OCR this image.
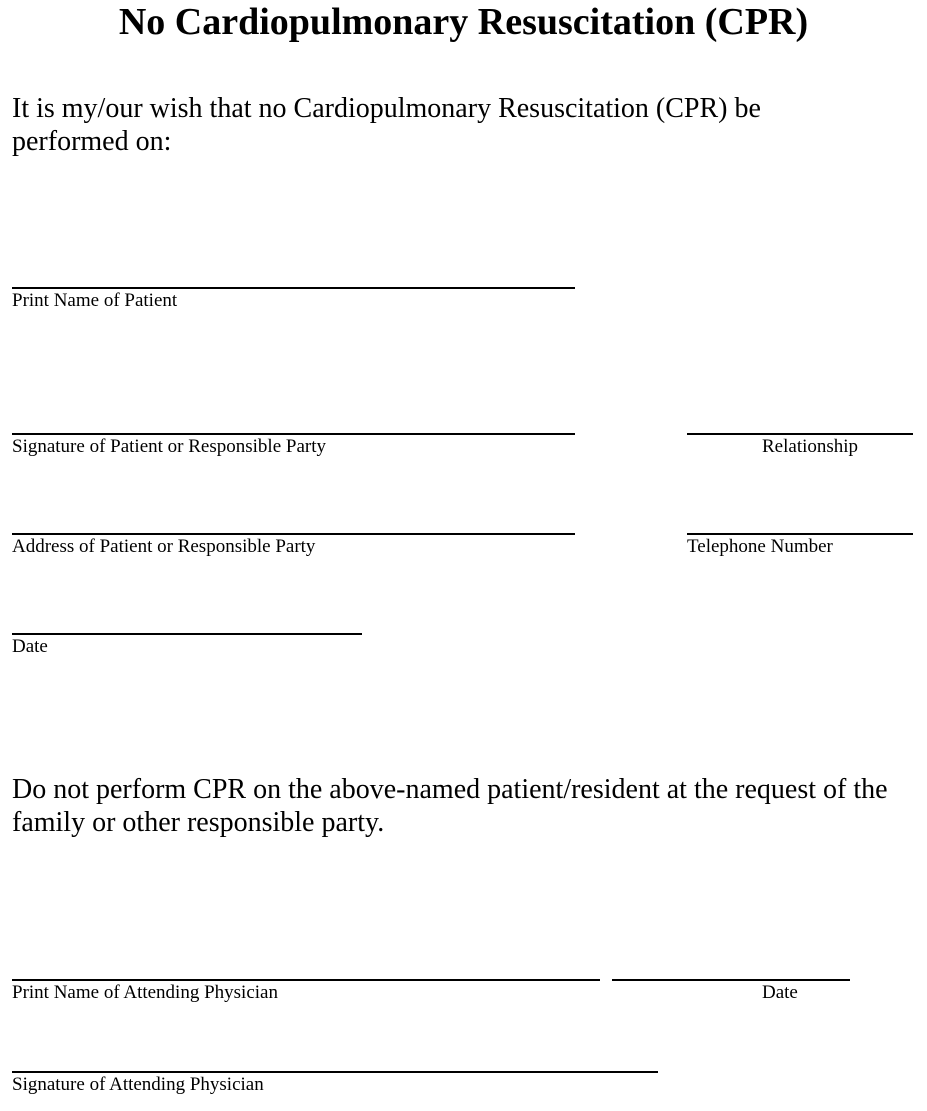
No Cardiopulmonary Resuscitation (CPR)

It is my/our wish that no Cardiopulmonary Resuscitation (CPR) be performed on:

Print Name of Patient
Signature of Patient or Responsible Party	Relationship
Address of Patient or Responsible Party	Telephone Number
Date

Do not perform CPR on the above-named patient/resident at the request of the family or other responsible party.

Print Name of Attending Physician	Date
Signature of Attending Physician
